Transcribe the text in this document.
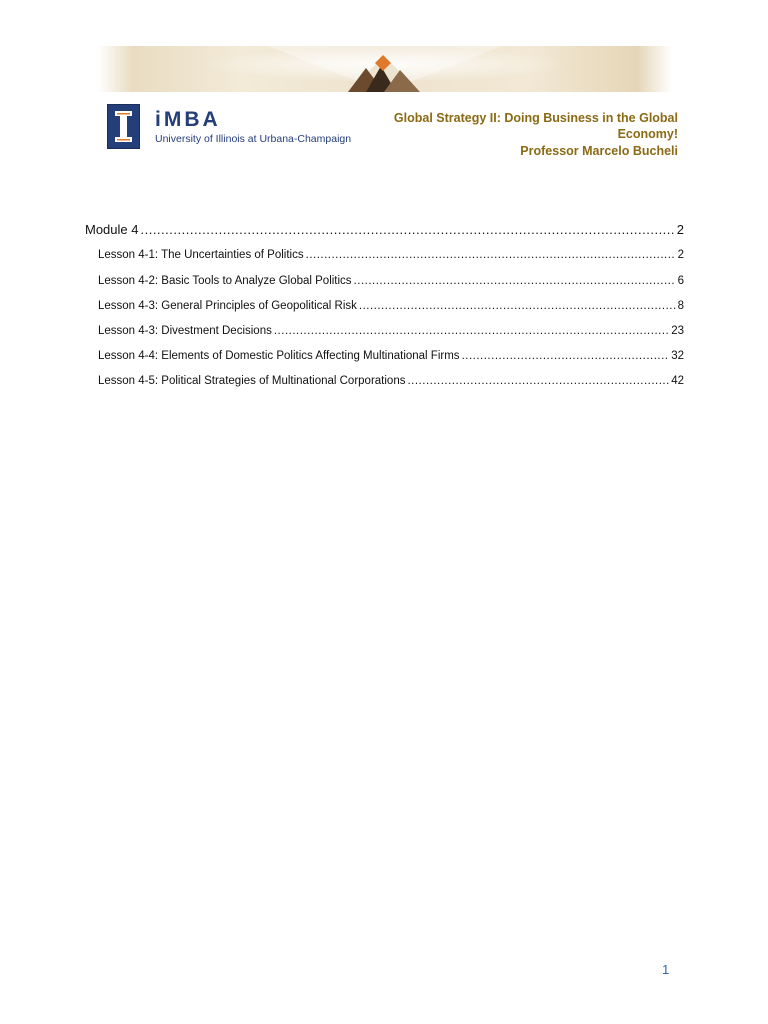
iMBA
University of Illinois at Urbana-Champaign
Global Strategy II: Doing Business in the Global Economy!
Professor Marcelo Bucheli
Module 4 .....	2
Lesson 4-1: The Uncertainties of Politics .....	2
Lesson 4-2: Basic Tools to Analyze Global Politics .....	6
Lesson 4-3: General Principles of Geopolitical Risk .....	8
Lesson 4-3: Divestment Decisions .....	23
Lesson 4-4: Elements of Domestic Politics Affecting Multinational Firms .....	32
Lesson 4-5: Political Strategies of Multinational Corporations .....	42
1
